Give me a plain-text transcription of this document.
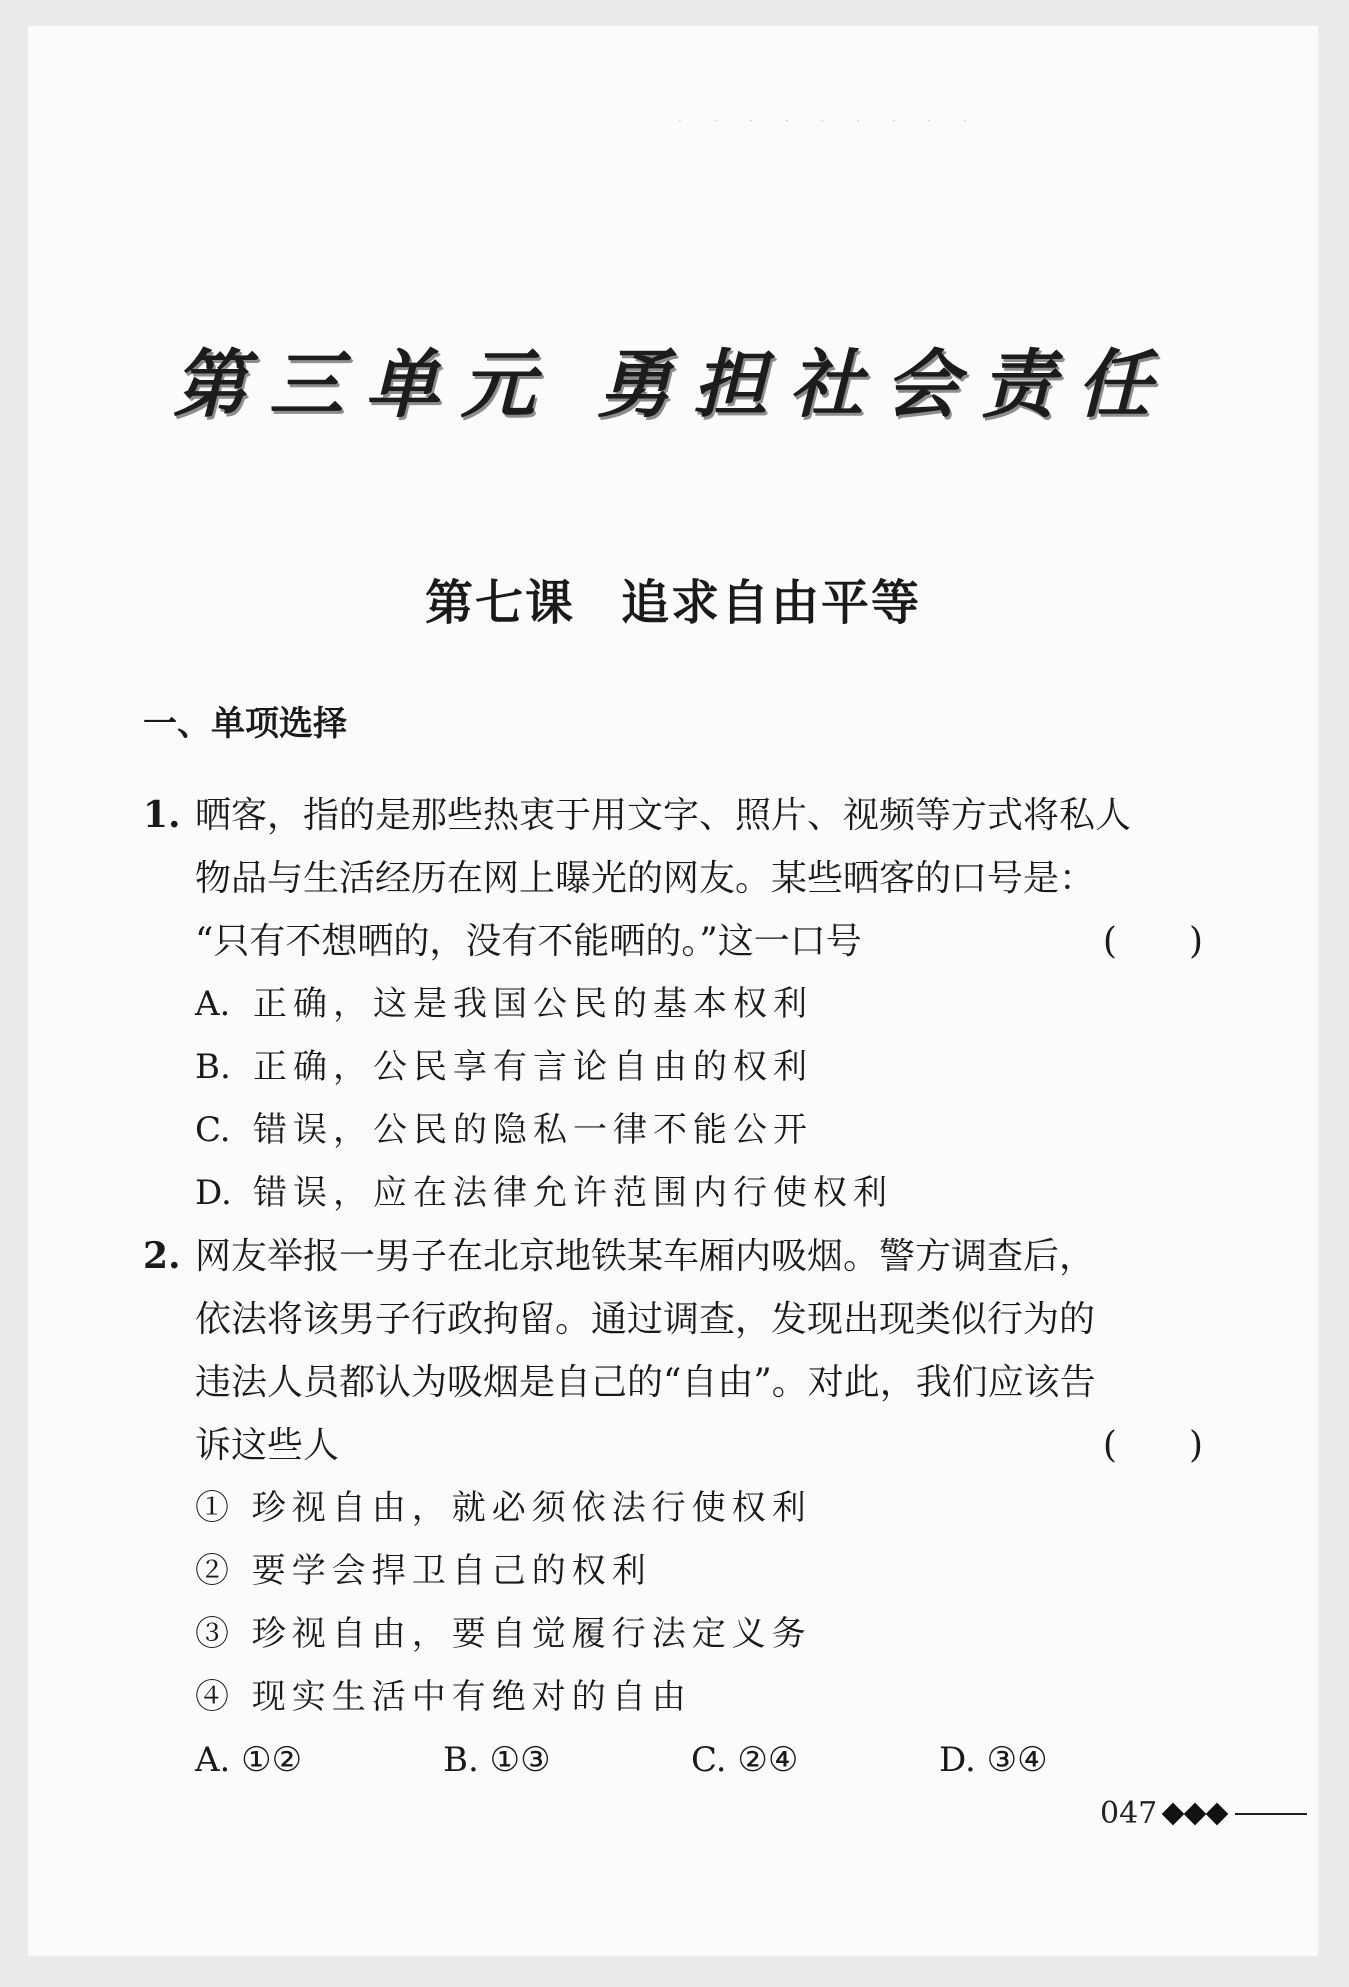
· · · · · · · · ·
第三单元 勇担社会责任
第七课 追求自由平等
一、单项选择
1. 晒客，指的是那些热衷于用文字、照片、视频等方式将私人
物品与生活经历在网上曝光的网友。某些晒客的口号是：
“只有不想晒的，没有不能晒的。”这一口号	(　　)
A. 正确，这是我国公民的基本权利
B. 正确，公民享有言论自由的权利
C. 错误，公民的隐私一律不能公开
D. 错误，应在法律允许范围内行使权利
2. 网友举报一男子在北京地铁某车厢内吸烟。警方调查后，
依法将该男子行政拘留。通过调查，发现出现类似行为的
违法人员都认为吸烟是自己的“自由”。对此，我们应该告
诉这些人	(　　)
① 珍视自由，就必须依法行使权利
② 要学会捍卫自己的权利
③ 珍视自由，要自觉履行法定义务
④ 现实生活中有绝对的自由
A. ①②	B. ①③	C. ②④	D. ③④
047
